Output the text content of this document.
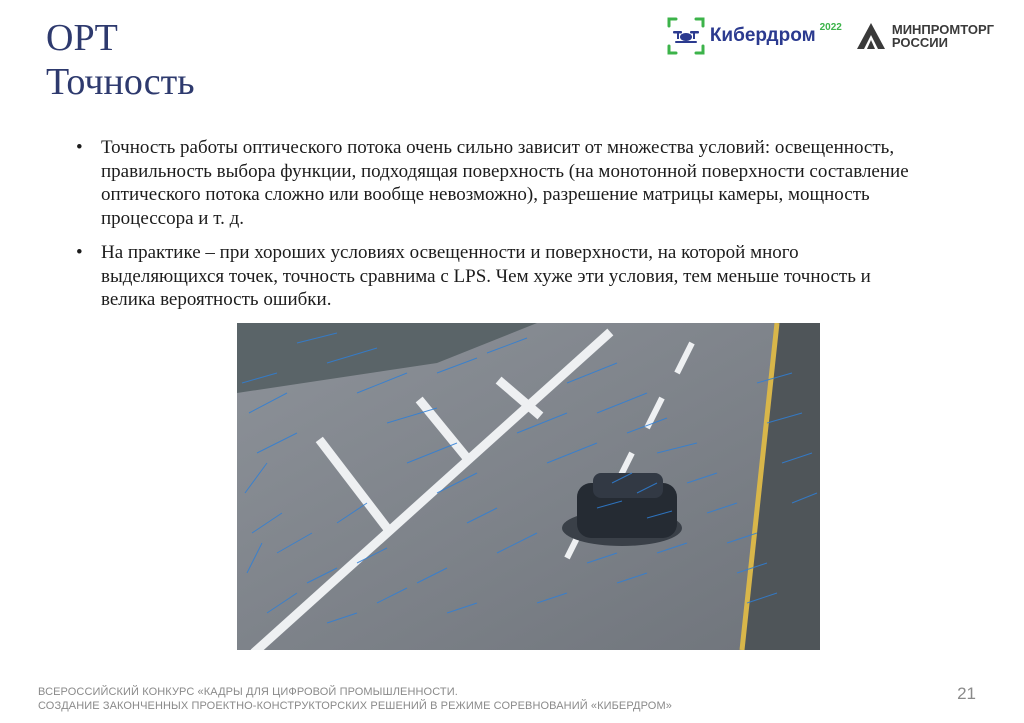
OPT
Точность
Кибердром 2022	МИНПРОМТОРГ
РОССИИ
• Точность работы оптического потока очень сильно зависит от множества условий: освещенность, правильность выбора функции, подходящая поверхность (на монотонной поверхности составление оптического потока сложно или вообще невозможно), разрешение матрицы камеры, мощность процессора и т. д.
• На практике – при хороших условиях освещенности и поверхности, на которой много выделяющихся точек, точность сравнима с LPS. Чем хуже эти условия, тем меньше точность и велика вероятность ошибки.
ВСЕРОССИЙСКИЙ КОНКУРС «КАДРЫ ДЛЯ ЦИФРОВОЙ ПРОМЫШЛЕННОСТИ.
СОЗДАНИЕ ЗАКОНЧЕННЫХ ПРОЕКТНО-КОНСТРУКТОРСКИХ РЕШЕНИЙ В РЕЖИМЕ СОРЕВНОВАНИЙ «КИБЕРДРОМ»
21
